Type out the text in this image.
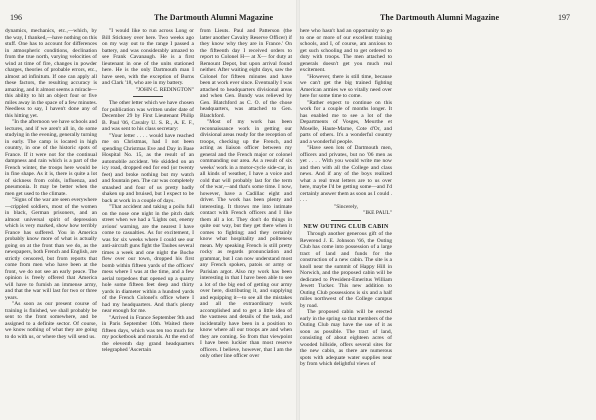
196	The Dartmouth Alumni Magazine

dynamics, mechanics, etc.,—which, by the way, I thanked,—have nothing on this stuff. One has to account for differences in atmospheric conditions, declination from the true north, varying velocities of wind at time of fire, changes in powder charges, theories of probable errors, etc., almost ad infinitum. If one can apply all these factors, the resulting accuracy is amazing, and it almost seems a miracle—this ability to hit an object four or five miles away in the space of a few minutes. Needless to say, I haven't done any of this hitting yet.

"In the afternoon we have schools and lectures, and if we aren't all in, do some studying in the evening, generally turning in early. The camp is located in high country, in one of the historic spots of France. If it were not for the continual dampness and rain which is a part of the French winter, the troops here would be in fine shape. As it is, there is quite a lot of sickness from colds, influenza, and pneumonia. It may be better when the men get used to the climate.

"Signs of the war are seen everywhere—crippled soldiers, most of the women in black, German prisoners, and an almost universal spirit of depression which is very marked, show how terribly France has suffered. You in America probably know more of what is actually going on at the front than we do, as the newspapers, both French and English, are strictly censored, but from reports that come from men who have been at the front, we do not see an early peace. The opinion is freely offered that America will have to furnish an immense army, and that the war will last for two or three years.

"As soon as our present course of training is finished, we shall probably be sent to the front somewhere, and be assigned to a definite sector. Of course, we know nothing of what they are going to do with us, or where they will send us.

"I would like to run across Long or Bill Stickney over here. Two weeks ago on my way out to the range I passed a battery, and was considerably amazed to see Frank Cavanaugh. He is a first lieutenant in one of the units stationed here. He is the only Dartmouth man I have seen, with the exception of Burns and Clark '18, who are in my battery.

"JOHN C. REDINGTON"

The other letter which we have chosen for publication was written under date of December 29 by First Lieutenant Philip B. Paul '06, Cavalry U. S. R., A. E. F., and was sent to his class secretary:

"Your letter . . . . would have reached me on Christmas, had I not been spending Christmas Eve and Day in Base Hospital No. 15, as the result of an automobile accident. We skidded on an icy road, dropped end for end (or twenty feet) and broke nothing but my watch and fountain pen. The car was completely smashed and four of us pretty badly shaken up and bruised, but I expect to be back at work in a couple of days.

"That accident and taking a poilu full on the nose one night in the pitch dark street when we had a 'Lights out, enemy avions' warning, are the nearest I have come to casualties. As for excitement, I was for six weeks where I could see our anti-aircraft guns fight the Taubes several times a week and one night the Boche flew over our town, dropped his first bomb within fifteen yards of the officers' mess where I was at the time, and a few aerial torpedoes that opened up a quarry hole some fifteen feet deep and thirty yards in diameter within a hundred yards of the French Colonel's office where I had my headquarters. And that's plenty near enough for me.

"Arrived in France September 9th and in Paris September 10th. Waited there fifteen days, which was ten too much for my pocketbook and morals. At the end of the eleventh day grand headquarters telegraphed 'Ascertain

from Lieuts. Paul and Patterson (the latter another Cavalry Reserve Officer) if they know why they are in France.' On the fifteenth day I received orders to report to Colonel H— at X— for duty at Remount Depot, but upon arrival found neither. After waiting eight days, saw the Colonel for fifteen minutes and have been at work ever since. Eventually I was attached to headquarters divisional areas and when Gen. Bundy was relieved by Gen. Blatchford as C. O. of the chose headquarters, was attached to Gen. Blatchford.

"Most of my work has been reconnaissance work in getting our divisional areas ready for the reception of troops, checking up the French, and acting as liaison officer between my general and the French major or colonel commanding our area. As a result of six weeks' work in a motor-cycle side-car, in all kinds of weather, I have a voice and cold that will probably last for the term of the war,—and that's some time. I now, however, have a Cadillac eight and driver. The work has been plenty and interesting. It throws me into intimate contact with French officers and I like them all a lot. They don't do things in quite our way, but they get there when it comes to fighting; and they certainly know what hospitality and politeness mean. My speaking French is still pretty rocky as regards pronunciation and grammar, but I can now understand most any French spoken, patois or army or Parisian argot. Also my work has been interesting in that I have been able to see a lot of the big end of getting our army over here, distributing it, and supplying and equipping it—to see all the mistakes and all the extraordinary work accomplished and to get a little idea of the vastness and details of the task, and incidentally have been in a position to know where all our troops are and when they are coming. So from that viewpoint I have been luckier than most reserve officers. I believe, however, that I am the only other line officer over

The Dartmouth Alumni Magazine	197

here who hasn't had an opportunity to go to one or more of our excellent training schools, and I, of course, am anxious to get such schooling and to get ordered to duty with troops. The men attached to generals doesn't get you much real excitement.

"However, there is still time, because we can't get the big trained fighting American armies we so vitally need over here for some time to come.

"Rather expect to continue on this work for a couple of months longer. It has enabled me to see a lot of the Departments of Vosges, Meurthe et Moselle, Haute-Marne, Cote d'Or, and parts of others. It's a wonderful country and a wonderful people.

"Have seen lots of Dartmouth men, officers and privates, but no '06 men as yet . . . . With you would write me now and then with all the College and class news. And if any of the boys realized what a real treat letters are to us over here, maybe I'd be getting some—and I'd certainly answer them as soon as I could . . . .

"Sincerely,

"IKE PAUL"

NEW OUTING CLUB CABIN

Through another generous gift of the Reverend J. E. Johnson '66, the Outing Club has come into possession of a large tract of land and funds for the construction of a new cabin. The site is a knoll near the summit of Happy Hill in Norwich, and the proposed cabin will be dedicated to President-Emeritus William Jewett Tucker. This new addition to Outing Club possessions is six and a half miles northwest of the College campus by road.

The proposed cabin will be erected early in the spring so that members of the Outing Club may have the use of it as soon as possible. The tract of land, consisting of about eighteen acres of wooded hillside, offers several sites for the new cabin, as there are numerous spots with adequate water supplies near by from which delightful views of
